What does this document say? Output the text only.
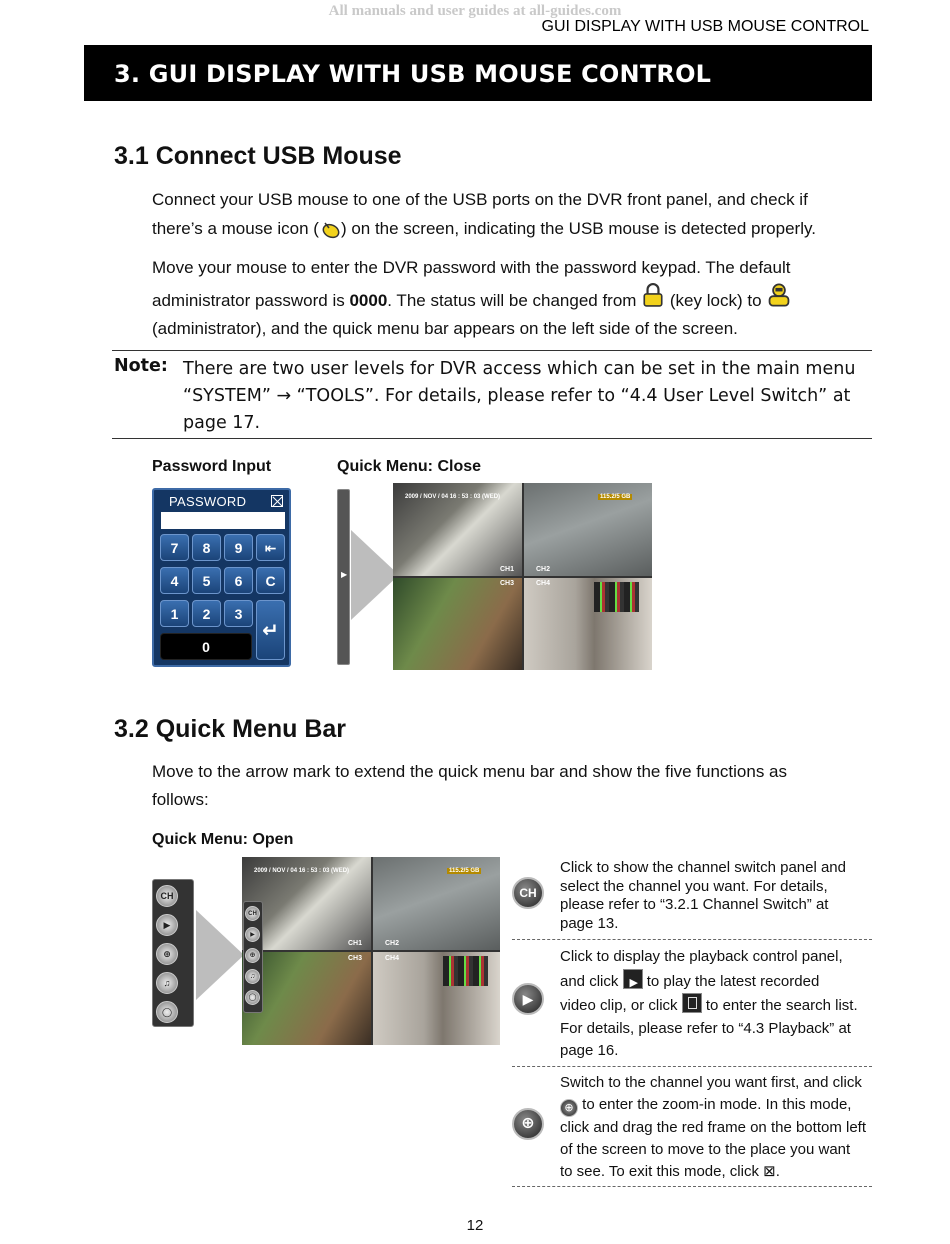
All manuals and user guides at all-guides.com
GUI DISPLAY WITH USB MOUSE CONTROL
3. GUI DISPLAY WITH USB MOUSE CONTROL
3.1 Connect USB Mouse
Connect your USB mouse to one of the USB ports on the DVR front panel, and check if
there’s a mouse icon ( ) on the screen, indicating the USB mouse is detected properly.
Move your mouse to enter the DVR password with the password keypad. The default
administrator password is 0000. The status will be changed from  (key lock) to
(administrator), and the quick menu bar appears on the left side of the screen.
Note: There are two user levels for DVR access which can be set in the main menu “SYSTEM” → “TOOLS”. For details, please refer to “4.4 User Level Switch” at page 17.
Password Input	Quick Menu: Close
PASSWORD
7	8	9	⇤
4	5	6	C
1	2	3
↵
0
▶
2009 / NOV / 04 16 : 53 : 03 (WED)	115.2/5 GB
CH1	CH2
CH3	CH4
3.2 Quick Menu Bar
Move to the arrow mark to extend the quick menu bar and show the five functions as
follows:
Quick Menu: Open
CH
▶
⊕
♫
◯
CH
▶
⊕
♫
◯
2009 / NOV / 04 16 : 53 : 03 (WED)	115.2/5 GB
CH1	CH2
CH3	CH4
CH
Click to show the channel switch panel and
select the channel you want. For details,
please refer to “3.2.1 Channel Switch” at
page 13.
▶
Click to display the playback control panel,
and click ▶ to play the latest recorded
video clip, or click
to enter the search list.
For details, please refer to “4.3 Playback” at
page 16.
⊕
Switch to the channel you want first, and click
⊕ to enter the zoom-in mode. In this mode,
click and drag the red frame on the bottom left
of the screen to move to the place you want
to see. To exit this mode, click ⊠.
12
